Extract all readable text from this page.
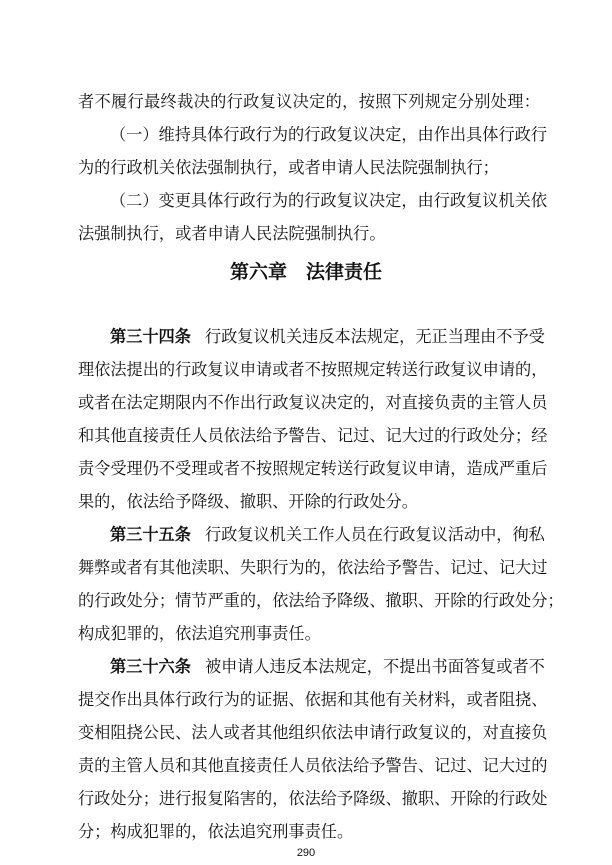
者不履行最终裁决的行政复议决定的，按照下列规定分别处理：
（一）维持具体行政行为的行政复议决定，由作出具体行政行
为的行政机关依法强制执行，或者申请人民法院强制执行；
（二）变更具体行政行为的行政复议决定，由行政复议机关依
法强制执行，或者申请人民法院强制执行。
第六章　法律责任
第三十四条 行政复议机关违反本法规定，无正当理由不予受
理依法提出的行政复议申请或者不按照规定转送行政复议申请的，
或者在法定期限内不作出行政复议决定的，对直接负责的主管人员
和其他直接责任人员依法给予警告、记过、记大过的行政处分；经
责令受理仍不受理或者不按照规定转送行政复议申请，造成严重后
果的，依法给予降级、撤职、开除的行政处分。
第三十五条 行政复议机关工作人员在行政复议活动中，徇私
舞弊或者有其他渎职、失职行为的，依法给予警告、记过、记大过
的行政处分；情节严重的，依法给予降级、撤职、开除的行政处分；
构成犯罪的，依法追究刑事责任。
第三十六条 被申请人违反本法规定，不提出书面答复或者不
提交作出具体行政行为的证据、依据和其他有关材料，或者阻挠、
变相阻挠公民、法人或者其他组织依法申请行政复议的，对直接负
责的主管人员和其他直接责任人员依法给予警告、记过、记大过的
行政处分；进行报复陷害的，依法给予降级、撤职、开除的行政处
分；构成犯罪的，依法追究刑事责任。
290
